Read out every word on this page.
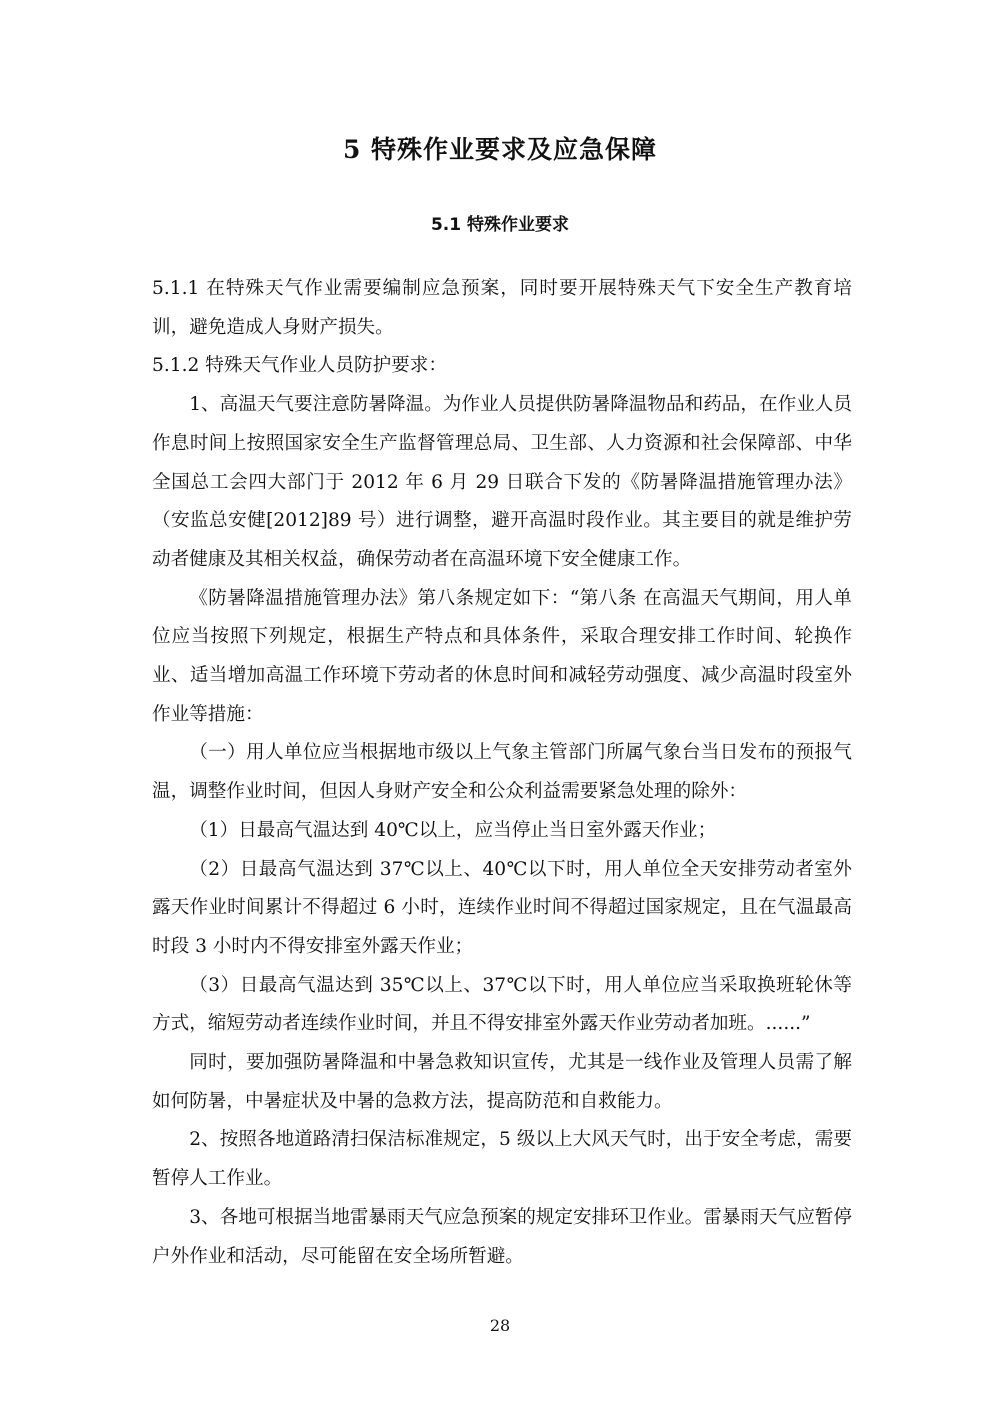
5 特殊作业要求及应急保障
5.1 特殊作业要求

5.1.1 在特殊天气作业需要编制应急预案，同时要开展特殊天气下安全生产教育培训，避免造成人身财产损失。

5.1.2 特殊天气作业人员防护要求：

1、高温天气要注意防暑降温。为作业人员提供防暑降温物品和药品，在作业人员作息时间上按照国家安全生产监督管理总局、卫生部、人力资源和社会保障部、中华全国总工会四大部门于 2012 年 6 月 29 日联合下发的《防暑降温措施管理办法》（安监总安健[2012]89 号）进行调整，避开高温时段作业。其主要目的就是维护劳动者健康及其相关权益，确保劳动者在高温环境下安全健康工作。

《防暑降温措施管理办法》第八条规定如下：“第八条 在高温天气期间，用人单位应当按照下列规定，根据生产特点和具体条件，采取合理安排工作时间、轮换作业、适当增加高温工作环境下劳动者的休息时间和减轻劳动强度、减少高温时段室外作业等措施：

（一）用人单位应当根据地市级以上气象主管部门所属气象台当日发布的预报气温，调整作业时间，但因人身财产安全和公众利益需要紧急处理的除外：

（1）日最高气温达到 40℃以上，应当停止当日室外露天作业；

（2）日最高气温达到 37℃以上、40℃以下时，用人单位全天安排劳动者室外露天作业时间累计不得超过 6 小时，连续作业时间不得超过国家规定，且在气温最高时段 3 小时内不得安排室外露天作业；

（3）日最高气温达到 35℃以上、37℃以下时，用人单位应当采取换班轮休等方式，缩短劳动者连续作业时间，并且不得安排室外露天作业劳动者加班。......”

同时，要加强防暑降温和中暑急救知识宣传，尤其是一线作业及管理人员需了解如何防暑，中暑症状及中暑的急救方法，提高防范和自救能力。

2、按照各地道路清扫保洁标准规定，5 级以上大风天气时，出于安全考虑，需要暂停人工作业。

3、各地可根据当地雷暴雨天气应急预案的规定安排环卫作业。雷暴雨天气应暂停户外作业和活动，尽可能留在安全场所暂避。

28
